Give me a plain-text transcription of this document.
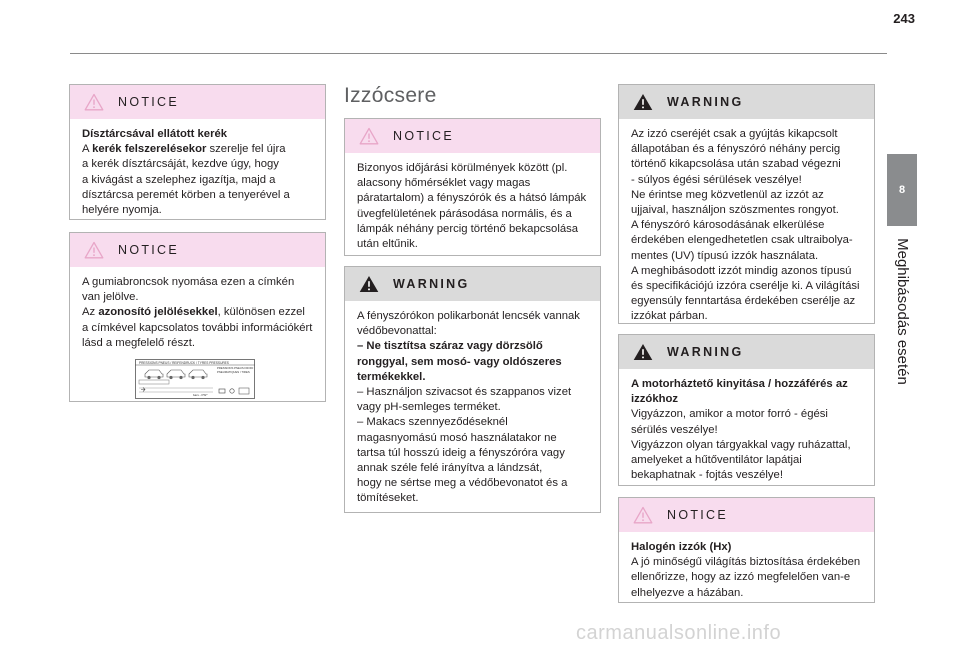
243
8
Meghibásodás esetén
NOTICE

Dísztárcsával ellátott kerék

A kerék felszerelésekor szerelje fel újra

a kerék dísztárcsáját, kezdve úgy, hogy

a kivágást a szelephez igazítja, majd a

dísztárcsa peremét körben a tenyerével a

helyére nyomja.

NOTICE

A gumiabroncsok nyomása ezen a címkén

van jelölve.

Az azonosító jelölésekkel, különösen ezzel

a címkével kapcsolatos további információkért

lásd a megfelelő részt.

PRESSIONS PNEUS / REIFENDRUCK / TYRES PRESSURES
PRESSIONS PNEUS FROID
PNEUMATIQUES / TIRES
bars - PSI*
Izzócsere
NOTICE

Bizonyos időjárási körülmények között (pl.

alacsony hőmérséklet vagy magas

páratartalom) a fényszórók és a hátsó lámpák

üvegfelületének párásodása normális, és a

lámpák néhány percig történő bekapcsolása

után eltűnik.

WARNING

A fényszórókon polikarbonát lencsék vannak

védőbevonattal:

– Ne tisztítsa száraz vagy dörzsölő

ronggyal, sem mosó- vagy oldószeres

termékekkel.

– Használjon szivacsot és szappanos vizet

vagy pH-semleges terméket.

– Makacs szennyeződéseknél

magasnyomású mosó használatakor ne

tartsa túl hosszú ideig a fényszóróra vagy

annak széle felé irányítva a lándzsát,

hogy ne sértse meg a védőbevonatot és a

tömítéseket.

WARNING

Az izzó cseréjét csak a gyújtás kikapcsolt

állapotában és a fényszóró néhány percig

történő kikapcsolása után szabad végezni

- súlyos égési sérülések veszélye!

Ne érintse meg közvetlenül az izzót az

ujjaival, használjon szöszmentes rongyot.

A fényszóró károsodásának elkerülése

érdekében elengedhetetlen csak ultraibolya-

mentes (UV) típusú izzók használata.

A meghibásodott izzót mindig azonos típusú

és specifikációjú izzóra cserélje ki. A világítási

egyensúly fenntartása érdekében cserélje az

izzókat párban.

WARNING

A motorháztető kinyitása / hozzáférés az

izzókhoz

Vigyázzon, amikor a motor forró - égési

sérülés veszélye!

Vigyázzon olyan tárgyakkal vagy ruházattal,

amelyeket a hűtőventilátor lapátjai

bekaphatnak - fojtás veszélye!

NOTICE

Halogén izzók (Hx)

A jó minőségű világítás biztosítása érdekében

ellenőrizze, hogy az izzó megfelelően van-e

elhelyezve a házában.

carmanualsonline.info
